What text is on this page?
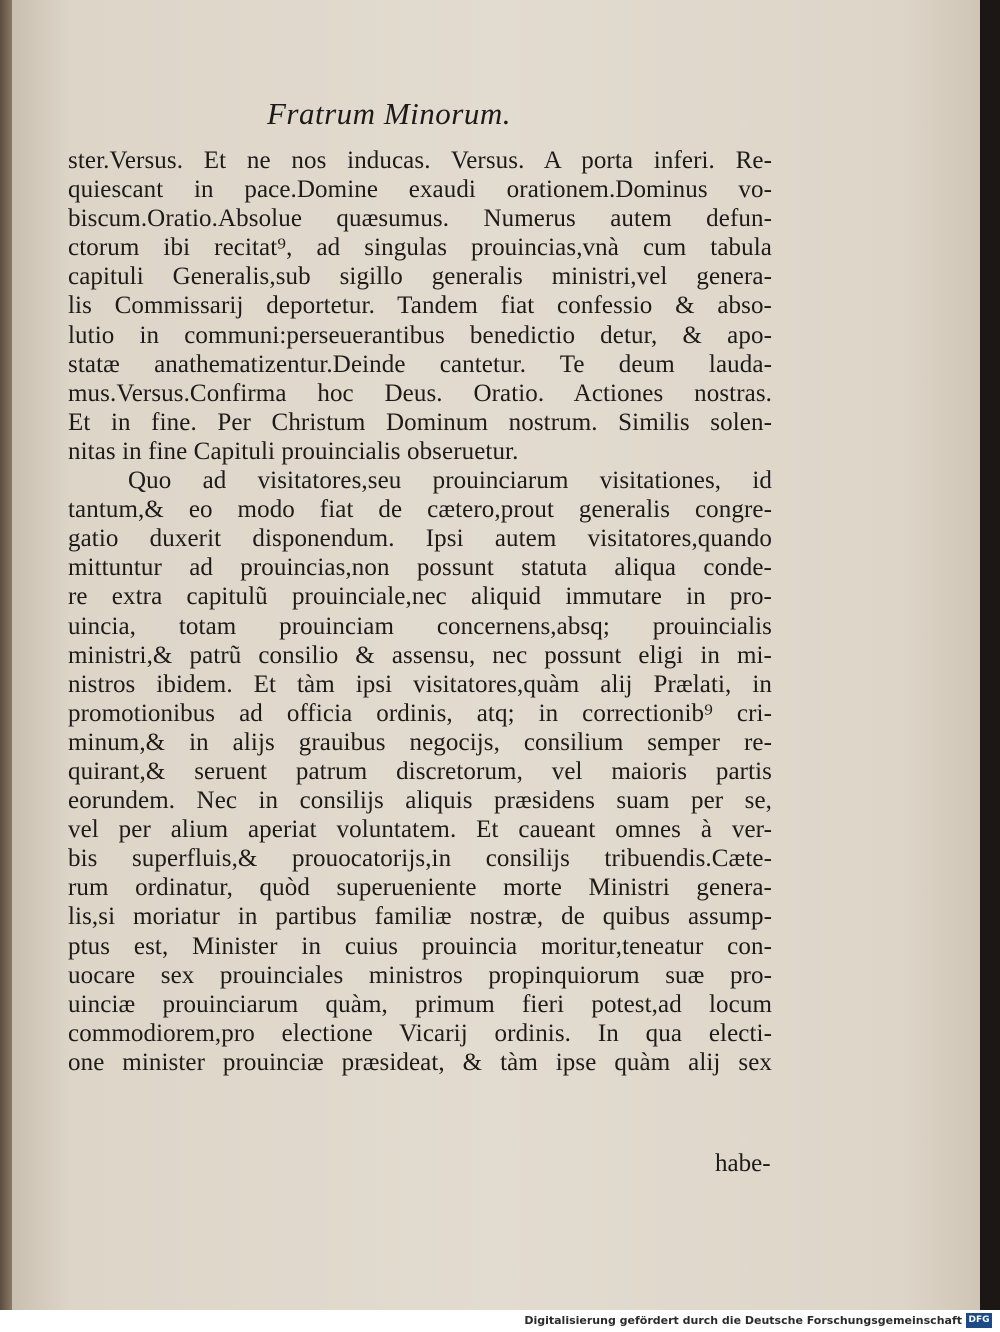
Fratrum Minorum.
ster.Versus. Et ne nos inducas. Versus. A porta inferi. Re-
quiescant in pace.Domine exaudi orationem.Dominus vo-
biscum.Oratio.Absolue quæsumus. Numerus autem defun-
ctorum ibi recitat⁹, ad singulas prouincias,vnà cum tabula
capituli Generalis,sub sigillo generalis ministri,vel genera-
lis Commissarij deportetur. Tandem fiat confessio & abso-
lutio in communi:perseuerantibus benedictio detur, & apo-
statæ anathematizentur.Deinde cantetur. Te deum lauda-
mus.Versus.Confirma hoc Deus. Oratio. Actiones nostras.
Et in fine. Per Christum Dominum nostrum. Similis solen-
nitas in fine Capituli prouincialis obseruetur.
Quo ad visitatores,seu prouinciarum visitationes, id
tantum,& eo modo fiat de cætero,prout generalis congre-
gatio duxerit disponendum. Ipsi autem visitatores,quando
mittuntur ad prouincias,non possunt statuta aliqua conde-
re extra capitulũ prouinciale,nec aliquid immutare in pro-
uincia, totam prouinciam concernens,absq; prouincialis
ministri,& patrũ consilio & assensu, nec possunt eligi in mi-
nistros ibidem. Et tàm ipsi visitatores,quàm alij Prælati, in
promotionibus ad officia ordinis, atq; in correctionib⁹ cri-
minum,& in alijs grauibus negocijs, consilium semper re-
quirant,& seruent patrum discretorum, vel maioris partis
eorundem. Nec in consilijs aliquis præsidens suam per se,
vel per alium aperiat voluntatem. Et caueant omnes à ver-
bis superfluis,& prouocatorijs,in consilijs tribuendis.Cæte-
rum ordinatur, quòd superueniente morte Ministri genera-
lis,si moriatur in partibus familiæ nostræ, de quibus assump-
ptus est, Minister in cuius prouincia moritur,teneatur con-
uocare sex prouinciales ministros propinquiorum suæ pro-
uinciæ prouinciarum quàm, primum fieri potest,ad locum
commodiorem,pro electione Vicarij ordinis. In qua electi-
one minister prouinciæ præsideat, & tàm ipse quàm alij sex
habe-
Digitalisierung gefördert durch die Deutsche Forschungsgemeinschaft DFG
